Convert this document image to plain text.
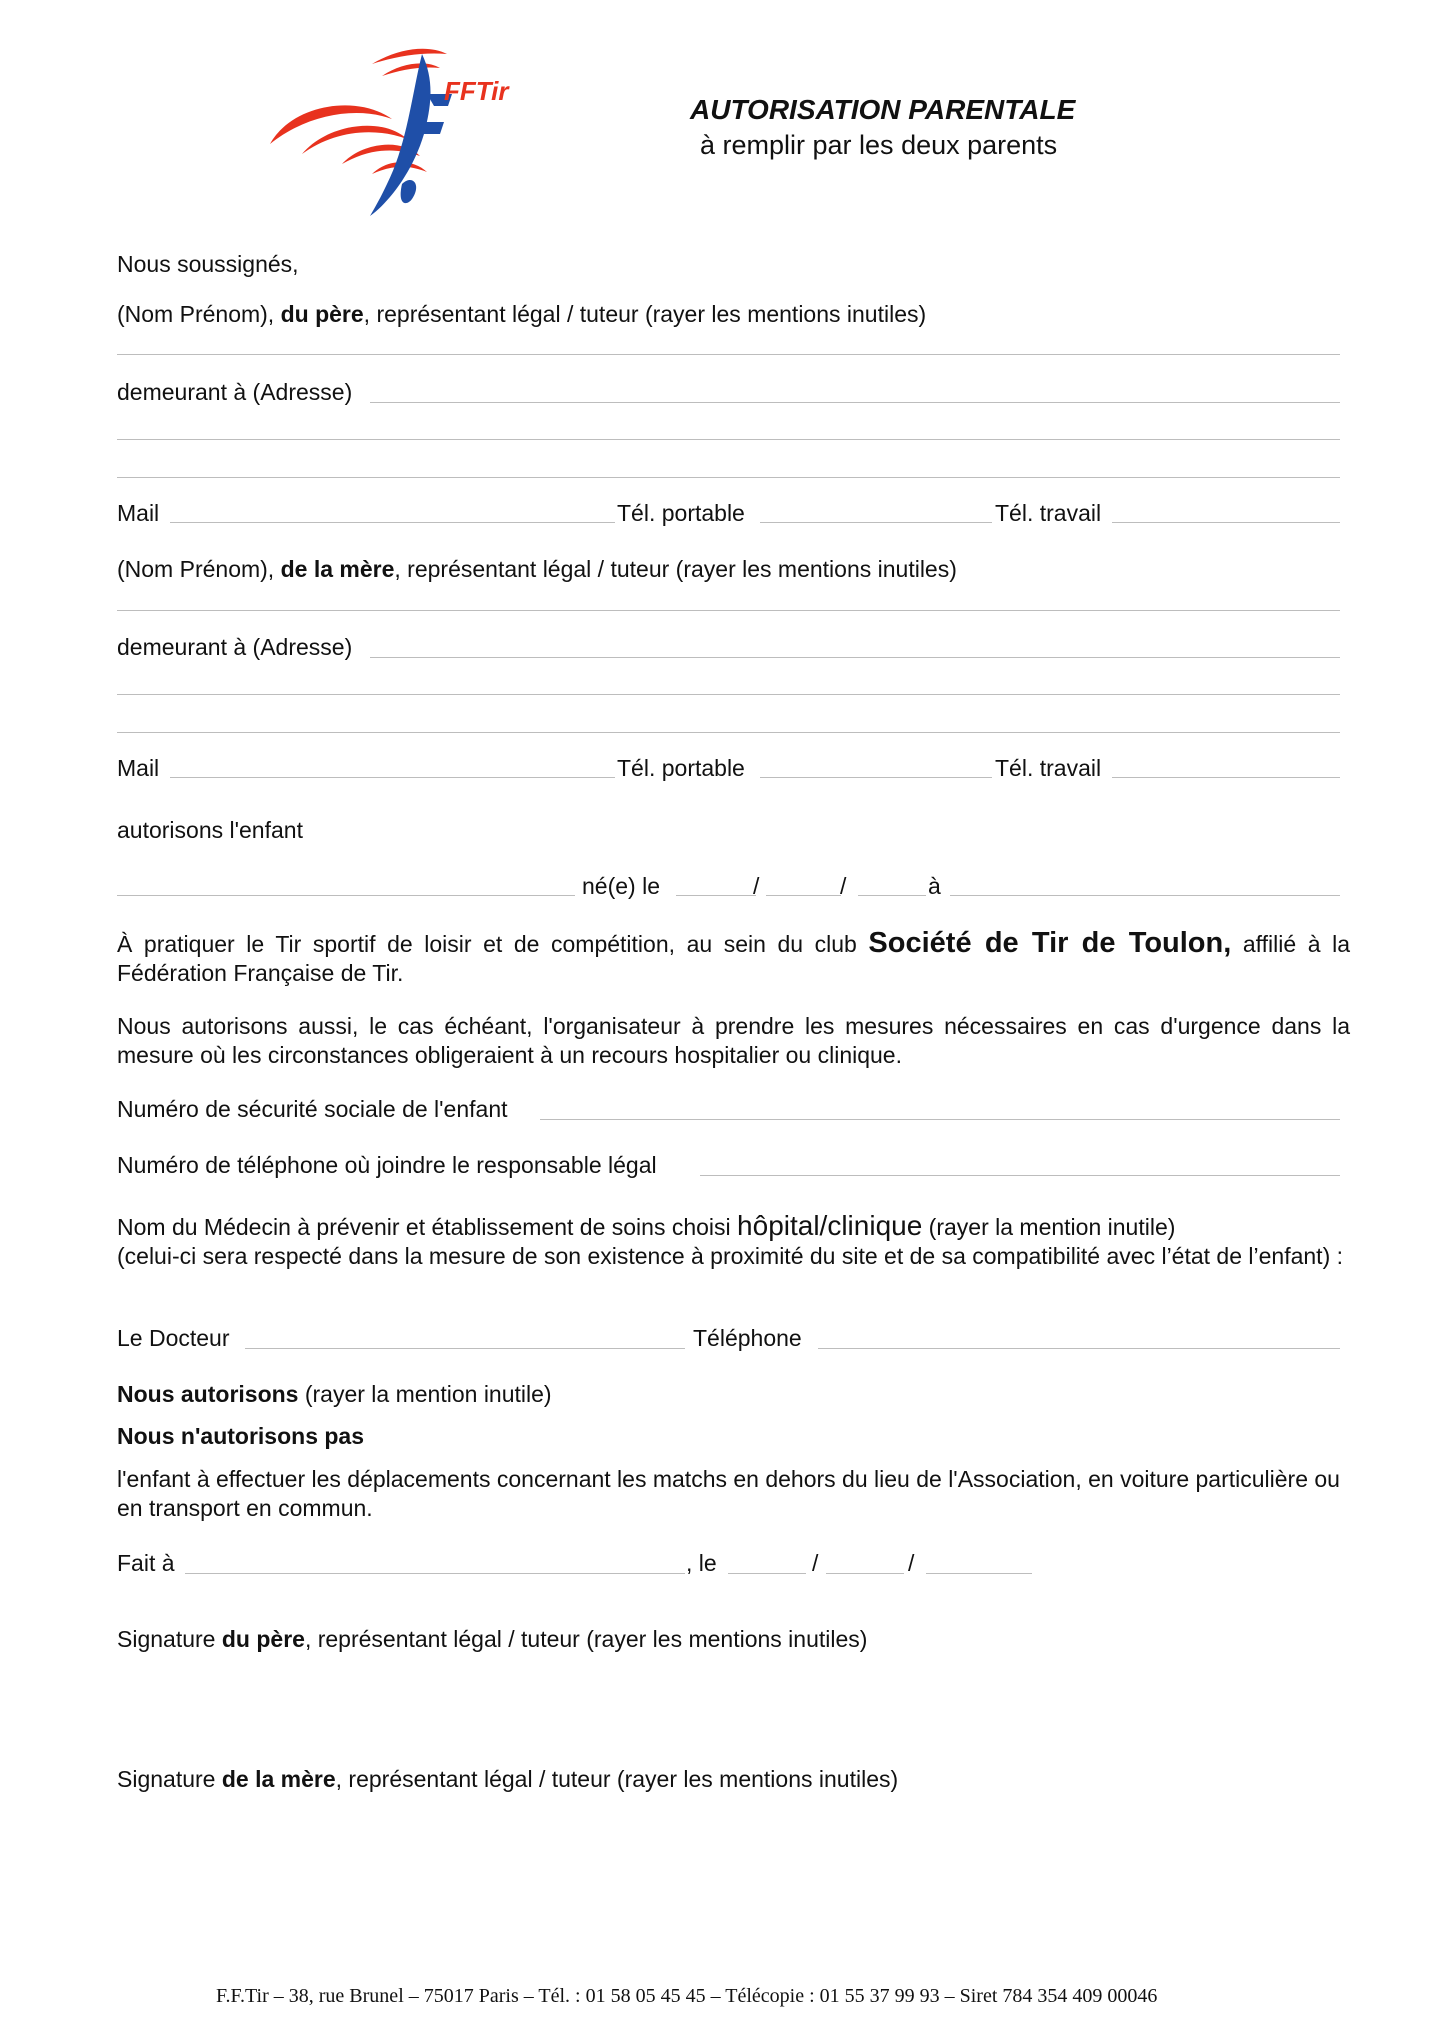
FFTir
AUTORISATION PARENTALE
à remplir par les deux parents
Nous soussignés,
(Nom Prénom), du père, représentant légal / tuteur (rayer les mentions inutiles)
demeurant à (Adresse)
Mail	Tél. portable	Tél. travail
(Nom Prénom), de la mère, représentant légal / tuteur (rayer les mentions inutiles)
demeurant à (Adresse)
Mail	Tél. portable	Tél. travail
autorisons l'enfant
né(e) le	/	/	à
À pratiquer le Tir sportif de loisir et de compétition, au sein du club Société de Tir de Toulon, affilié à la Fédération Française de Tir.
Nous autorisons aussi, le cas échéant, l'organisateur à prendre les mesures nécessaires en cas d'urgence dans la mesure où les circonstances obligeraient à un recours hospitalier ou clinique.
Numéro de sécurité sociale de l'enfant
Numéro de téléphone où joindre le responsable légal
Nom du Médecin à prévenir et établissement de soins choisi hôpital/clinique (rayer la mention inutile)
(celui-ci sera respecté dans la mesure de son existence à proximité du site et de sa compatibilité avec l’état de l’enfant) :
Le Docteur	Téléphone
Nous autorisons (rayer la mention inutile)
Nous n'autorisons pas
l'enfant à effectuer les déplacements concernant les matchs en dehors du lieu de l'Association, en voiture particulière ou en transport en commun.
Fait à	, le	/	/
Signature du père, représentant légal / tuteur (rayer les mentions inutiles)
Signature de la mère, représentant légal / tuteur (rayer les mentions inutiles)
F.F.Tir – 38, rue Brunel – 75017 Paris – Tél. : 01 58 05 45 45 – Télécopie : 01 55 37 99 93 – Siret 784 354 409 00046
